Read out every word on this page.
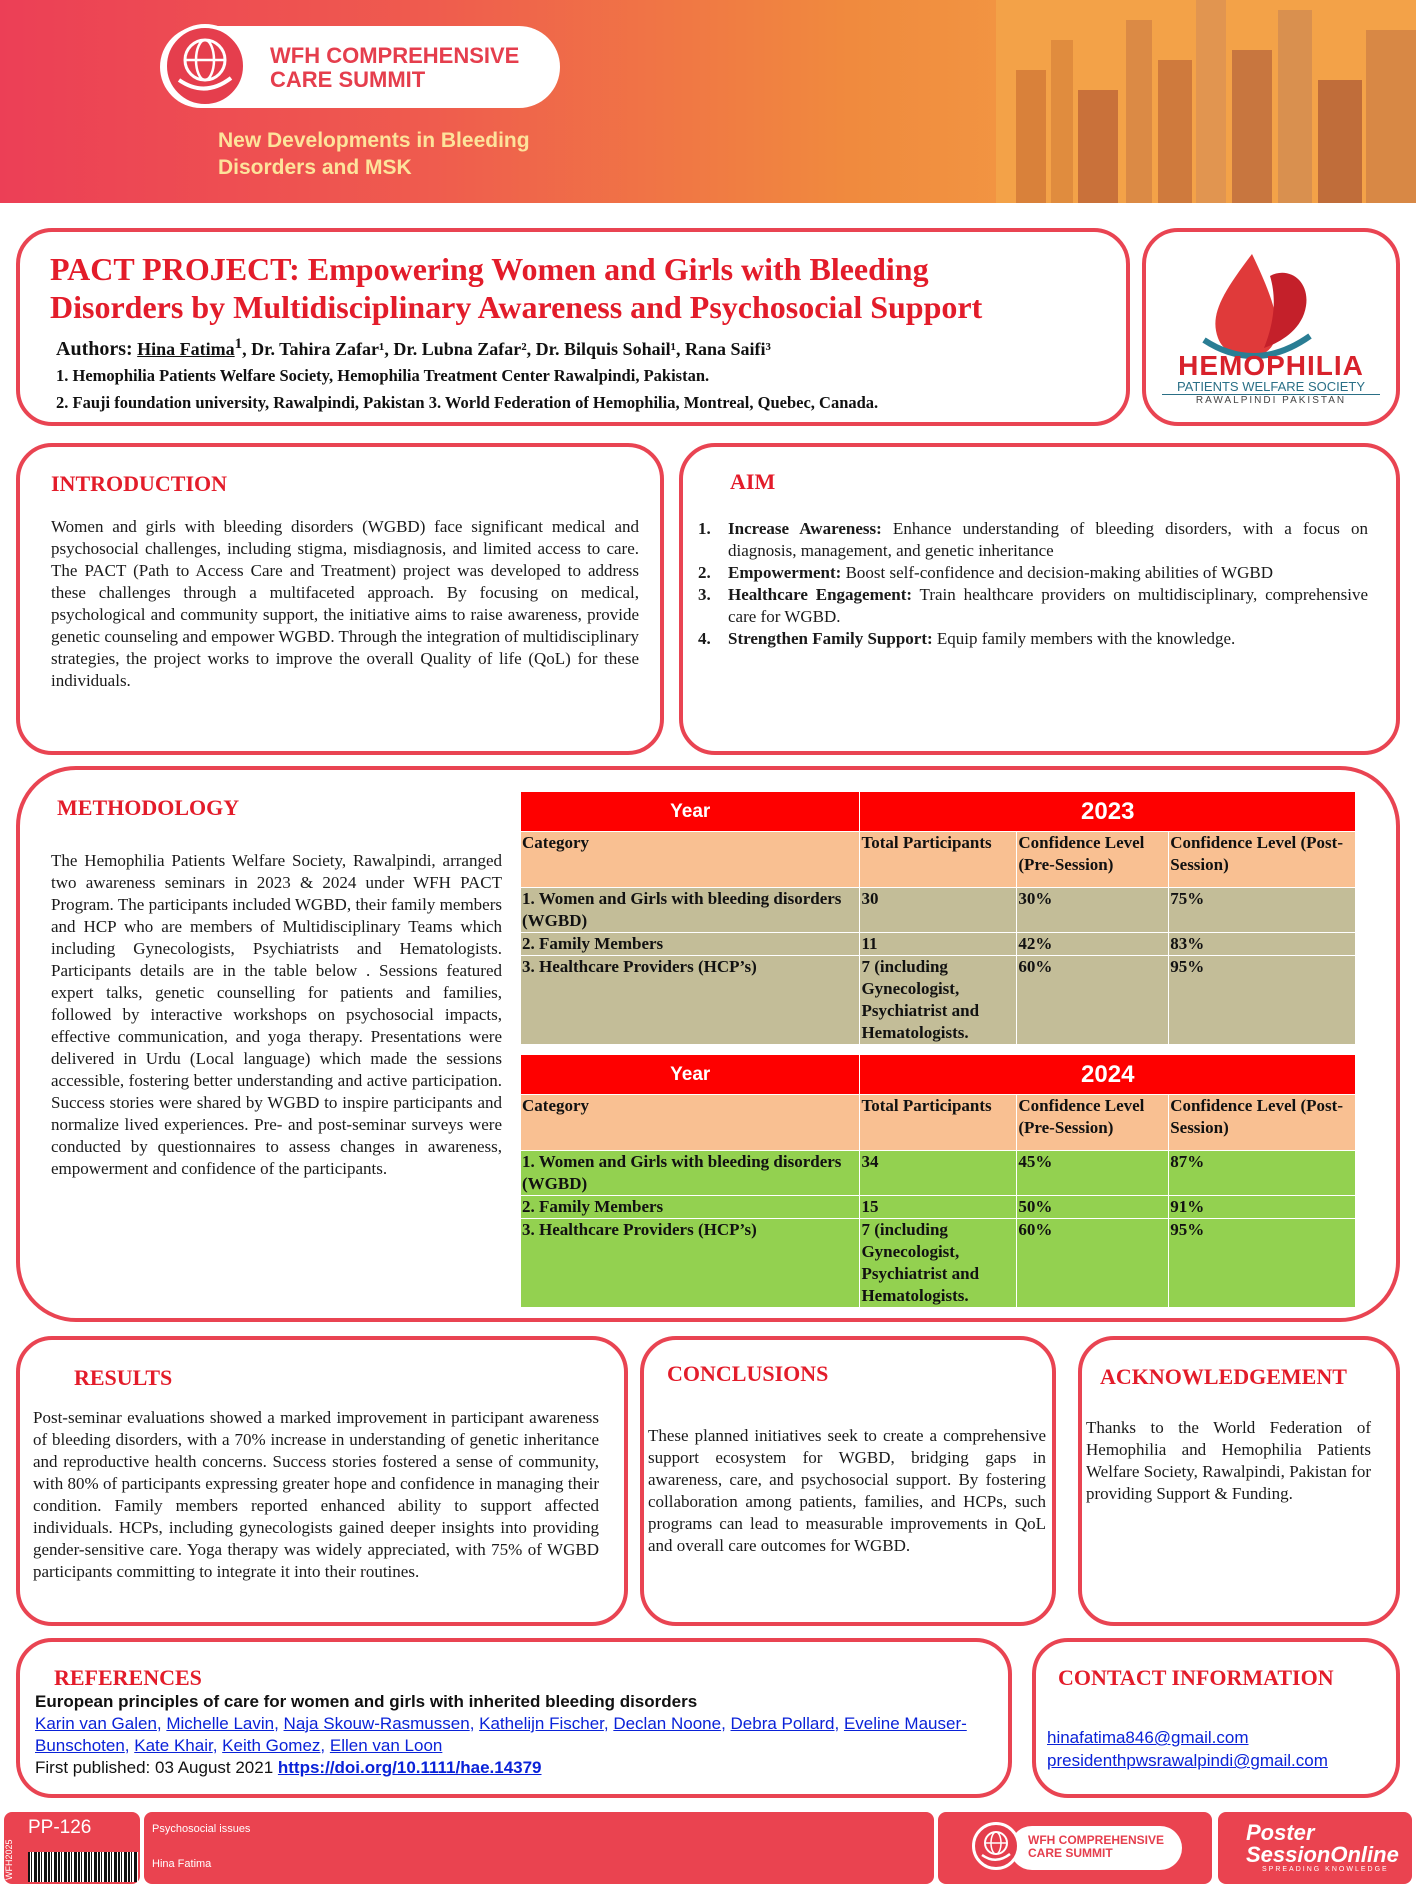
WFH COMPREHENSIVE
CARE SUMMIT
New Developments in Bleeding
Disorders and MSK
PACT PROJECT: Empowering Women and Girls with Bleeding
Disorders by Multidisciplinary Awareness and Psychosocial Support
Authors: Hina Fatima$^1$, Dr. Tahira Zafar¹, Dr. Lubna Zafar², Dr. Bilquis Sohail¹, Rana Saifi³
1. Hemophilia Patients Welfare Society, Hemophilia Treatment Center Rawalpindi, Pakistan.
2. Fauji foundation university, Rawalpindi, Pakistan 3. World Federation of Hemophilia, Montreal, Quebec, Canada.
HEMOPHILIA
PATIENTS WELFARE SOCIETY
RAWALPINDI PAKISTAN
INTRODUCTION
Women and girls with bleeding disorders (WGBD) face significant medical and psychosocial challenges, including stigma, misdiagnosis, and limited access to care. The PACT (Path to Access Care and Treatment) project was developed to address these challenges through a multifaceted approach. By focusing on medical, psychological and community support, the initiative aims to raise awareness, provide genetic counseling and empower WGBD. Through the integration of multidisciplinary strategies, the project works to improve the overall Quality of life (QoL) for these individuals.
AIM
1.	Increase Awareness: Enhance understanding of bleeding disorders, with a focus on diagnosis, management, and genetic inheritance
2.	Empowerment: Boost self-confidence and decision-making abilities of WGBD
3.	Healthcare Engagement: Train healthcare providers on multidisciplinary, comprehensive care for WGBD.
4.	Strengthen Family Support: Equip family members with the knowledge.
METHODOLOGY
The Hemophilia Patients Welfare Society, Rawalpindi, arranged two awareness seminars in 2023 & 2024 under WFH PACT Program. The participants included WGBD, their family members and HCP who are members of Multidisciplinary Teams which including Gynecologists, Psychiatrists and Hematologists. Participants details are in the table below . Sessions featured expert talks, genetic counselling for patients and families, followed by interactive workshops on psychosocial impacts, effective communication, and yoga therapy. Presentations were delivered in Urdu (Local language) which made the sessions accessible, fostering better understanding and active participation. Success stories were shared by WGBD to inspire participants and normalize lived experiences. Pre- and post-seminar surveys were conducted by questionnaires to assess changes in awareness, empowerment and confidence of the participants.
Year	2023		
Category	Total Participants	Confidence Level (Pre-Session)	Confidence Level (Post-Session)
1. Women and Girls with bleeding disorders (WGBD)	30	30%	75%
2. Family Members	11	42%	83%
3. Healthcare Providers (HCP’s)	7 (including Gynecologist, Psychiatrist and Hematologists.	60%	95%
Year	2024		
Category	Total Participants	Confidence Level (Pre-Session)	Confidence Level (Post-Session)
1. Women and Girls with bleeding disorders (WGBD)	34	45%	87%
2. Family Members	15	50%	91%
3. Healthcare Providers (HCP’s)	7 (including Gynecologist, Psychiatrist and Hematologists.	60%	95%
RESULTS
Post-seminar evaluations showed a marked improvement in participant awareness of bleeding disorders, with a 70% increase in understanding of genetic inheritance and reproductive health concerns. Success stories fostered a sense of community, with 80% of participants expressing greater hope and confidence in managing their condition. Family members reported enhanced ability to support affected individuals. HCPs, including gynecologists gained deeper insights into providing gender-sensitive care. Yoga therapy was widely appreciated, with 75% of WGBD participants committing to integrate it into their routines.
CONCLUSIONS
These planned initiatives seek to create a comprehensive support ecosystem for WGBD, bridging gaps in awareness, care, and psychosocial support. By fostering collaboration among patients, families, and HCPs, such programs can lead to measurable improvements in QoL and overall care outcomes for WGBD.
ACKNOWLEDGEMENT
Thanks to the World Federation of Hemophilia and Hemophilia Patients Welfare Society, Rawalpindi, Pakistan for providing Support & Funding.
REFERENCES
European principles of care for women and girls with inherited bleeding disorders
Karin van Galen, Michelle Lavin, Naja Skouw-Rasmussen, Kathelijn Fischer, Declan Noone, Debra Pollard, Eveline Mauser-Bunschoten, Kate Khair, Keith Gomez, Ellen van Loon
First published: 03 August 2021 https://doi.org/10.1111/hae.14379
CONTACT INFORMATION
hinafatima846@gmail.com
presidenthpwsrawalpindi@gmail.com
PP-126
WFH2025
Psychosocial issues
Hina Fatima
WFH COMPREHENSIVE
CARE SUMMIT
Poster
SessionOnline
SPREADING KNOWLEDGE
